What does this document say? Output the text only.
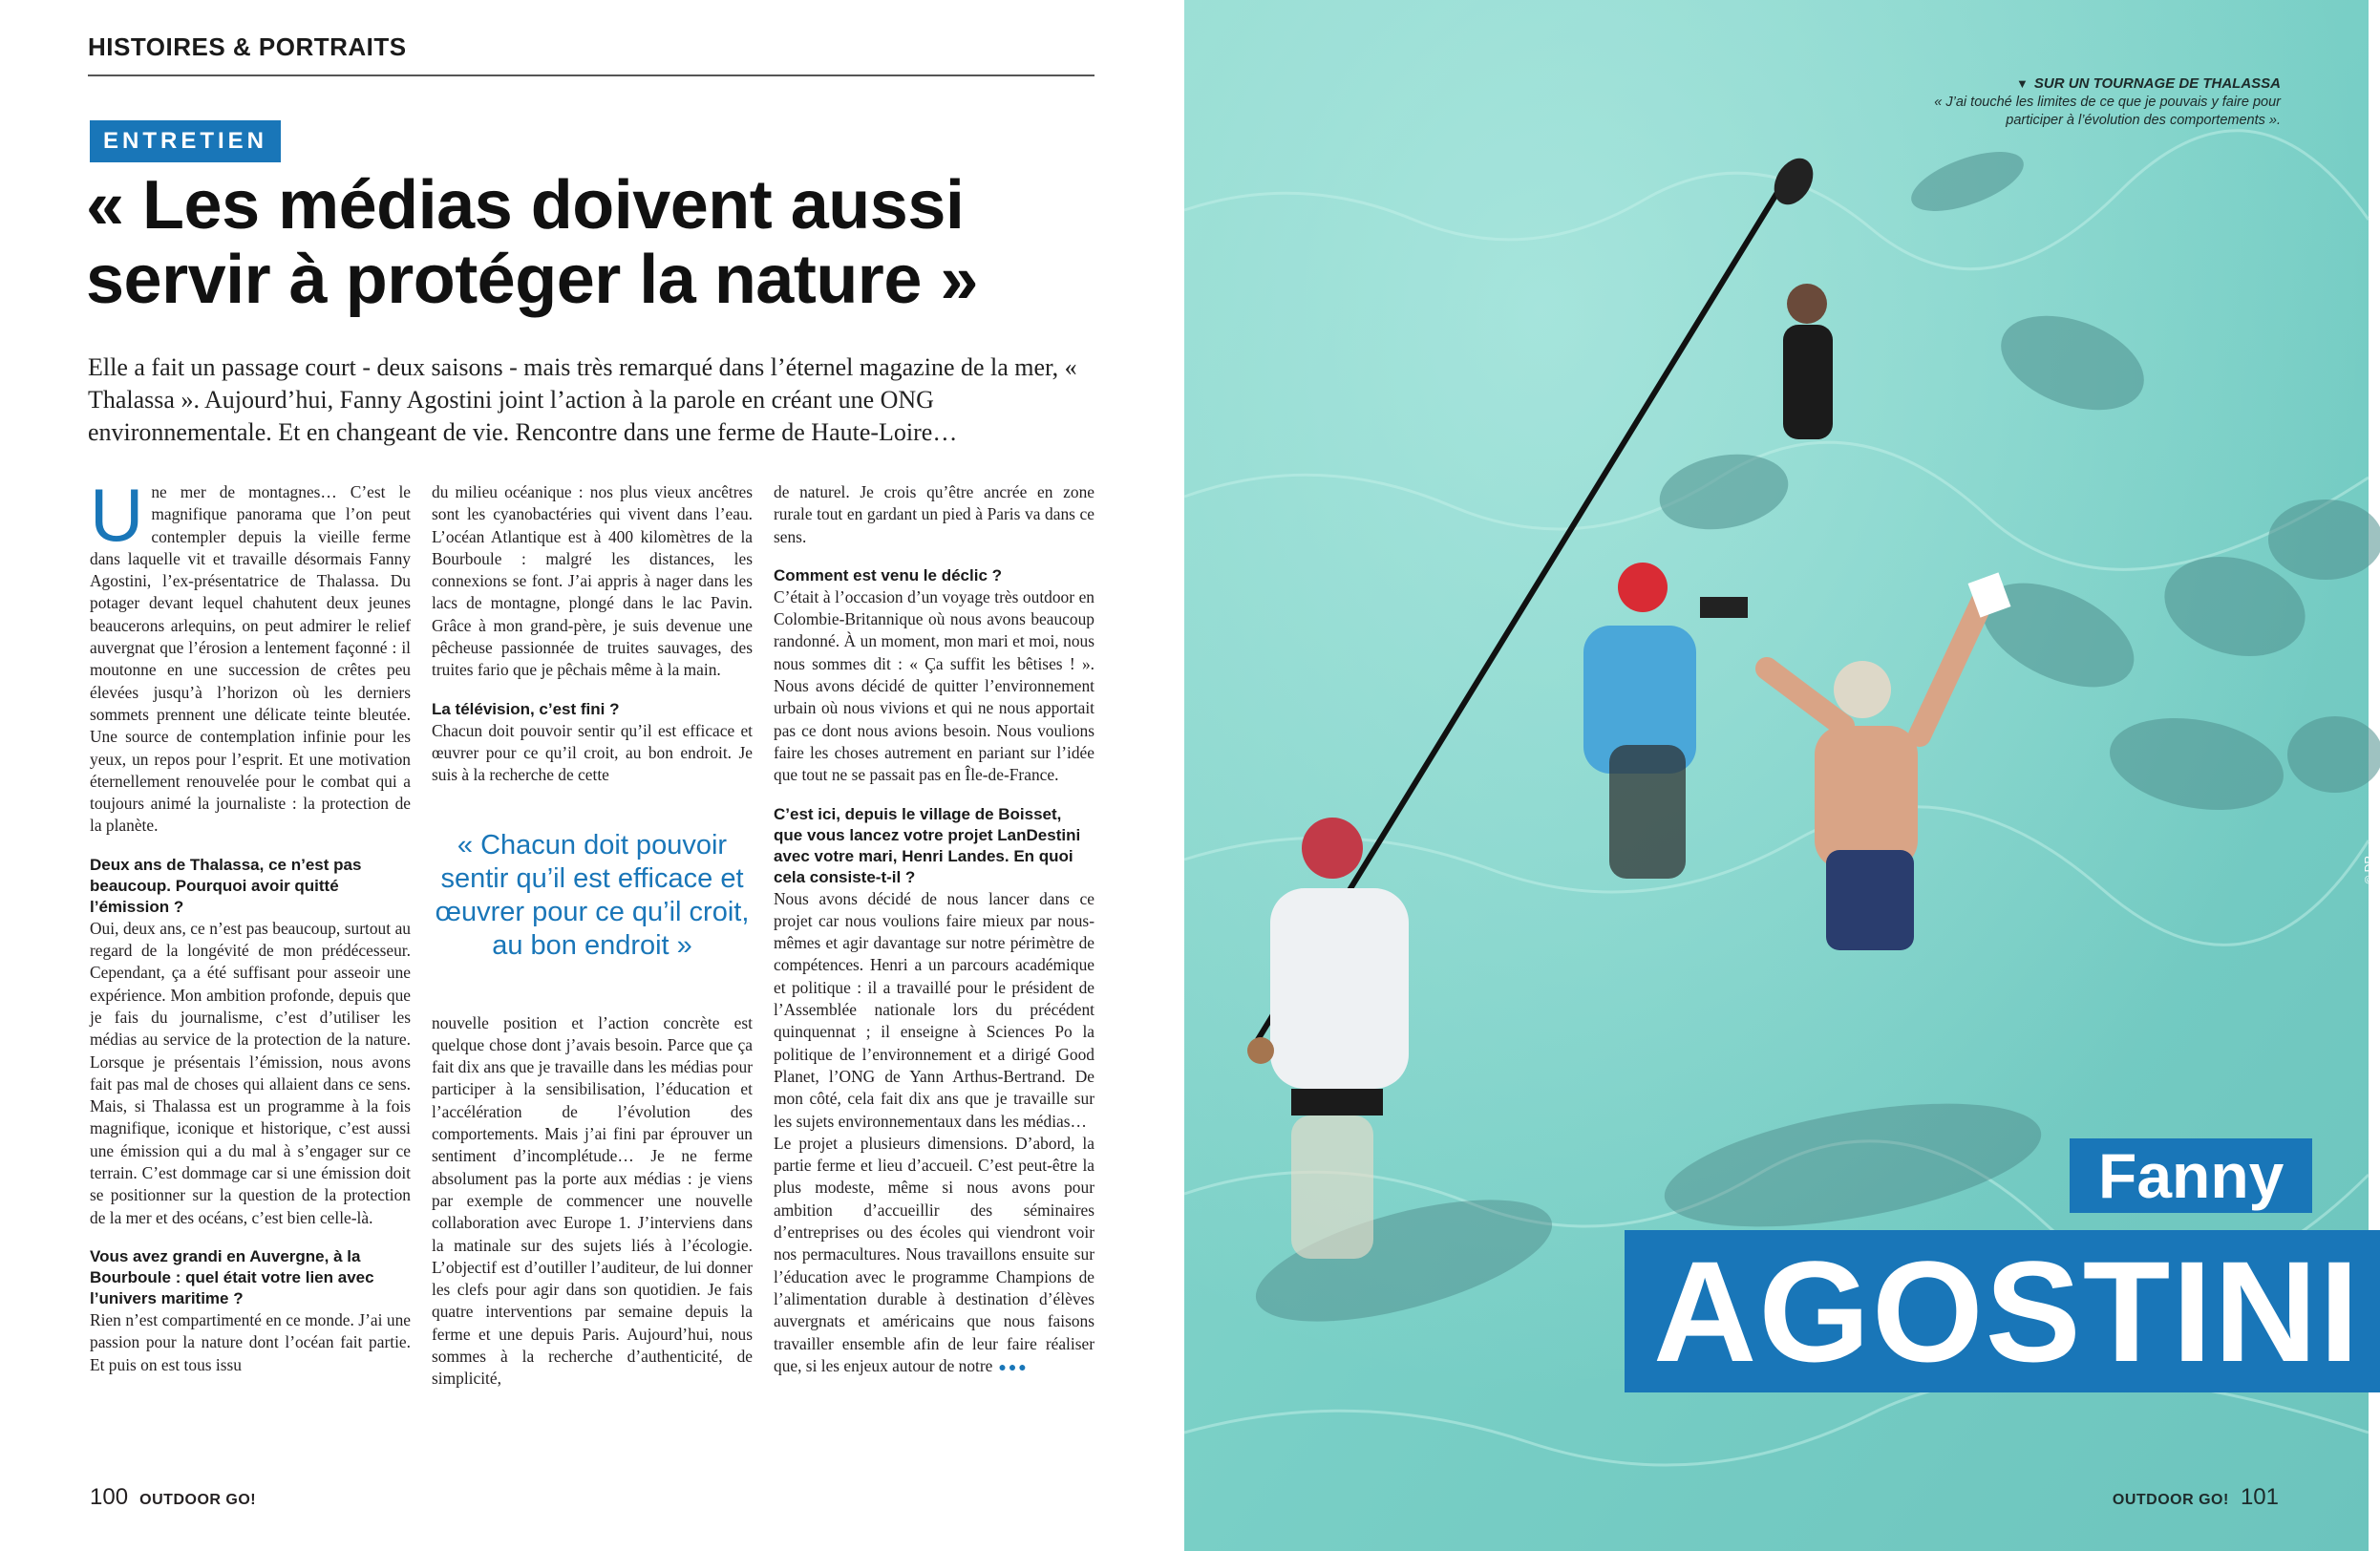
HISTOIRES & PORTRAITS
ENTRETIEN
« Les médias doivent aussi
servir à protéger la nature »
Elle a fait un passage court - deux saisons - mais très remarqué dans l’éternel magazine de la mer, « Thalassa ». Aujourd’hui, Fanny Agostini joint l’action à la parole en créant une ONG environnementale. Et en changeant de vie. Rencontre dans une ferme de Haute-Loire…

Une mer de montagnes… C’est le magnifique panorama que l’on peut contempler depuis la vieille ferme dans laquelle vit et travaille désormais Fanny Agostini, l’ex-présentatrice de Thalassa. Du potager devant lequel chahutent deux jeunes beaucerons arlequins, on peut admirer le relief auvergnat que l’érosion a lentement façonné : il moutonne en une succession de crêtes peu élevées jusqu’à l’horizon où les derniers sommets prennent une délicate teinte bleutée. Une source de contemplation infinie pour les yeux, un repos pour l’esprit. Et une motivation éternellement renouvelée pour le combat qui a toujours animé la journaliste : la protection de la planète.

Deux ans de Thalassa, ce n’est pas beaucoup. Pourquoi avoir quitté l’émission ?

Oui, deux ans, ce n’est pas beaucoup, surtout au regard de la longévité de mon prédécesseur. Cependant, ça a été suffisant pour asseoir une expérience. Mon ambition profonde, depuis que je fais du journalisme, c’est d’utiliser les médias au service de la protection de la nature. Lorsque je présentais l’émission, nous avons fait pas mal de choses qui allaient dans ce sens. Mais, si Thalassa est un programme à la fois magnifique, iconique et historique, c’est aussi une émission qui a du mal à s’engager sur ce terrain. C’est dommage car si une émission doit se positionner sur la question de la protection de la mer et des océans, c’est bien celle-là.

Vous avez grandi en Auvergne, à la Bourboule : quel était votre lien avec l’univers maritime ?

Rien n’est compartimenté en ce monde. J’ai une passion pour la nature dont l’océan fait partie. Et puis on est tous issu

du milieu océanique : nos plus vieux ancêtres sont les cyanobactéries qui vivent dans l’eau. L’océan Atlantique est à 400 kilomètres de la Bourboule : malgré les distances, les connexions se font. J’ai appris à nager dans les lacs de montagne, plongé dans le lac Pavin. Grâce à mon grand-père, je suis devenue une pêcheuse passionnée de truites sauvages, des truites fario que je pêchais même à la main.

La télévision, c’est fini ?

Chacun doit pouvoir sentir qu’il est efficace et œuvrer pour ce qu’il croit, au bon endroit. Je suis à la recherche de cette

« Chacun doit pouvoir sentir qu’il est efficace et œuvrer pour ce qu’il croit, au bon endroit »

nouvelle position et l’action concrète est quelque chose dont j’avais besoin. Parce que ça fait dix ans que je travaille dans les médias pour participer à la sensibilisation, l’éducation et l’accélération de l’évolution des comportements. Mais j’ai fini par éprouver un sentiment d’incomplétude… Je ne ferme absolument pas la porte aux médias : je viens par exemple de commencer une nouvelle collaboration avec Europe 1. J’interviens dans la matinale sur des sujets liés à l’écologie. L’objectif est d’outiller l’auditeur, de lui donner les clefs pour agir dans son quotidien. Je fais quatre interventions par semaine depuis la ferme et une depuis Paris. Aujourd’hui, nous sommes à la recherche d’authenticité, de simplicité,

de naturel. Je crois qu’être ancrée en zone rurale tout en gardant un pied à Paris va dans ce sens.

Comment est venu le déclic ?

C’était à l’occasion d’un voyage très outdoor en Colombie-Britannique où nous avons beaucoup randonné. À un moment, mon mari et moi, nous nous sommes dit : « Ça suffit les bêtises ! ». Nous avons décidé de quitter l’environnement urbain où nous vivions et qui ne nous apportait pas ce dont nous avions besoin. Nous voulions faire les choses autrement en pariant sur l’idée que tout ne se passait pas en Île-de-France.

C’est ici, depuis le village de Boisset, que vous lancez votre projet LanDestini avec votre mari, Henri Landes. En quoi cela consiste-t-il ?

Nous avons décidé de nous lancer dans ce projet car nous voulions faire mieux par nous-mêmes et agir davantage sur notre périmètre de compétences. Henri a un parcours académique et politique : il a travaillé pour le président de l’Assemblée nationale lors du précédent quinquennat ; il enseigne à Sciences Po la politique de l’environnement et a dirigé Good Planet, l’ONG de Yann Arthus-Bertrand. De mon côté, cela fait dix ans que je travaille sur les sujets environnementaux dans les médias…

Le projet a plusieurs dimensions. D’abord, la partie ferme et lieu d’accueil. C’est peut-être la plus modeste, même si nous avons pour ambition d’accueillir des séminaires d’entreprises ou des écoles qui viendront voir nos permacultures. Nous travaillons ensuite sur l’éducation avec le programme Champions de l’alimentation durable à destination d’élèves auvergnats et américains que nous faisons travailler ensemble afin de leur faire réaliser que, si les enjeux autour de notre ●●●

100 OUTDOOR GO!
▼ SUR UN TOURNAGE DE THALASSA
« J’ai touché les limites de ce que je pouvais y faire pour participer à l’évolution des comportements ».
© DR
Fanny
AGOSTINI
OUTDOOR GO! 101
